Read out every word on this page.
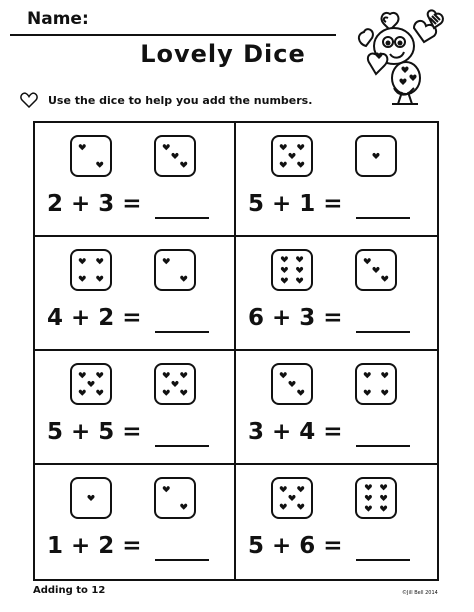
Name:
Lovely Dice
Use the dice to help you add the numbers.
2 + 3 =	5 + 1 =
4 + 2 =	6 + 3 =
5 + 5 =	3 + 4 =
1 + 2 =	5 + 6 =
Adding to 12	©Jill Bell 2014
